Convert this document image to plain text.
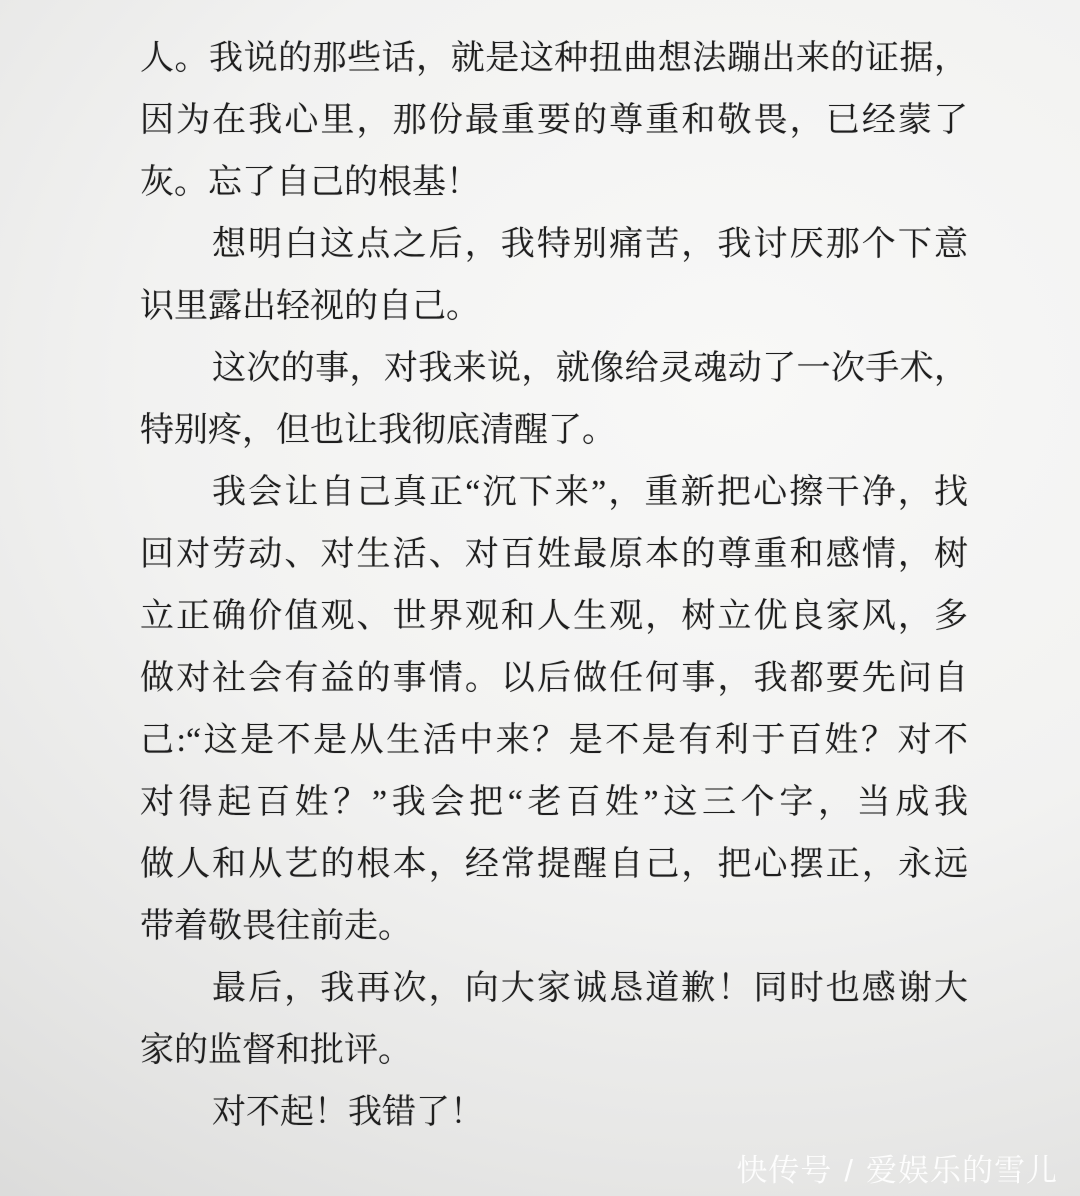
人。我说的那些话，就是这种扭曲想法蹦出来的证据，
因为在我心里，那份最重要的尊重和敬畏，已经蒙了
灰。忘了自己的根基！
想明白这点之后，我特别痛苦，我讨厌那个下意
识里露出轻视的自己。
这次的事，对我来说，就像给灵魂动了一次手术，
特别疼，但也让我彻底清醒了。
我会让自己真正“沉下来”，重新把心擦干净，找
回对劳动、对生活、对百姓最原本的尊重和感情，树
立正确价值观、世界观和人生观，树立优良家风，多
做对社会有益的事情。以后做任何事，我都要先问自
己:“这是不是从生活中来？是不是有利于百姓？对不
对得起百姓？”我会把“老百姓”这三个字，当成我
做人和从艺的根本，经常提醒自己，把心摆正，永远
带着敬畏往前走。
最后，我再次，向大家诚恳道歉！同时也感谢大
家的监督和批评。
对不起！我错了！
快传号 / 爱娱乐的雪儿
